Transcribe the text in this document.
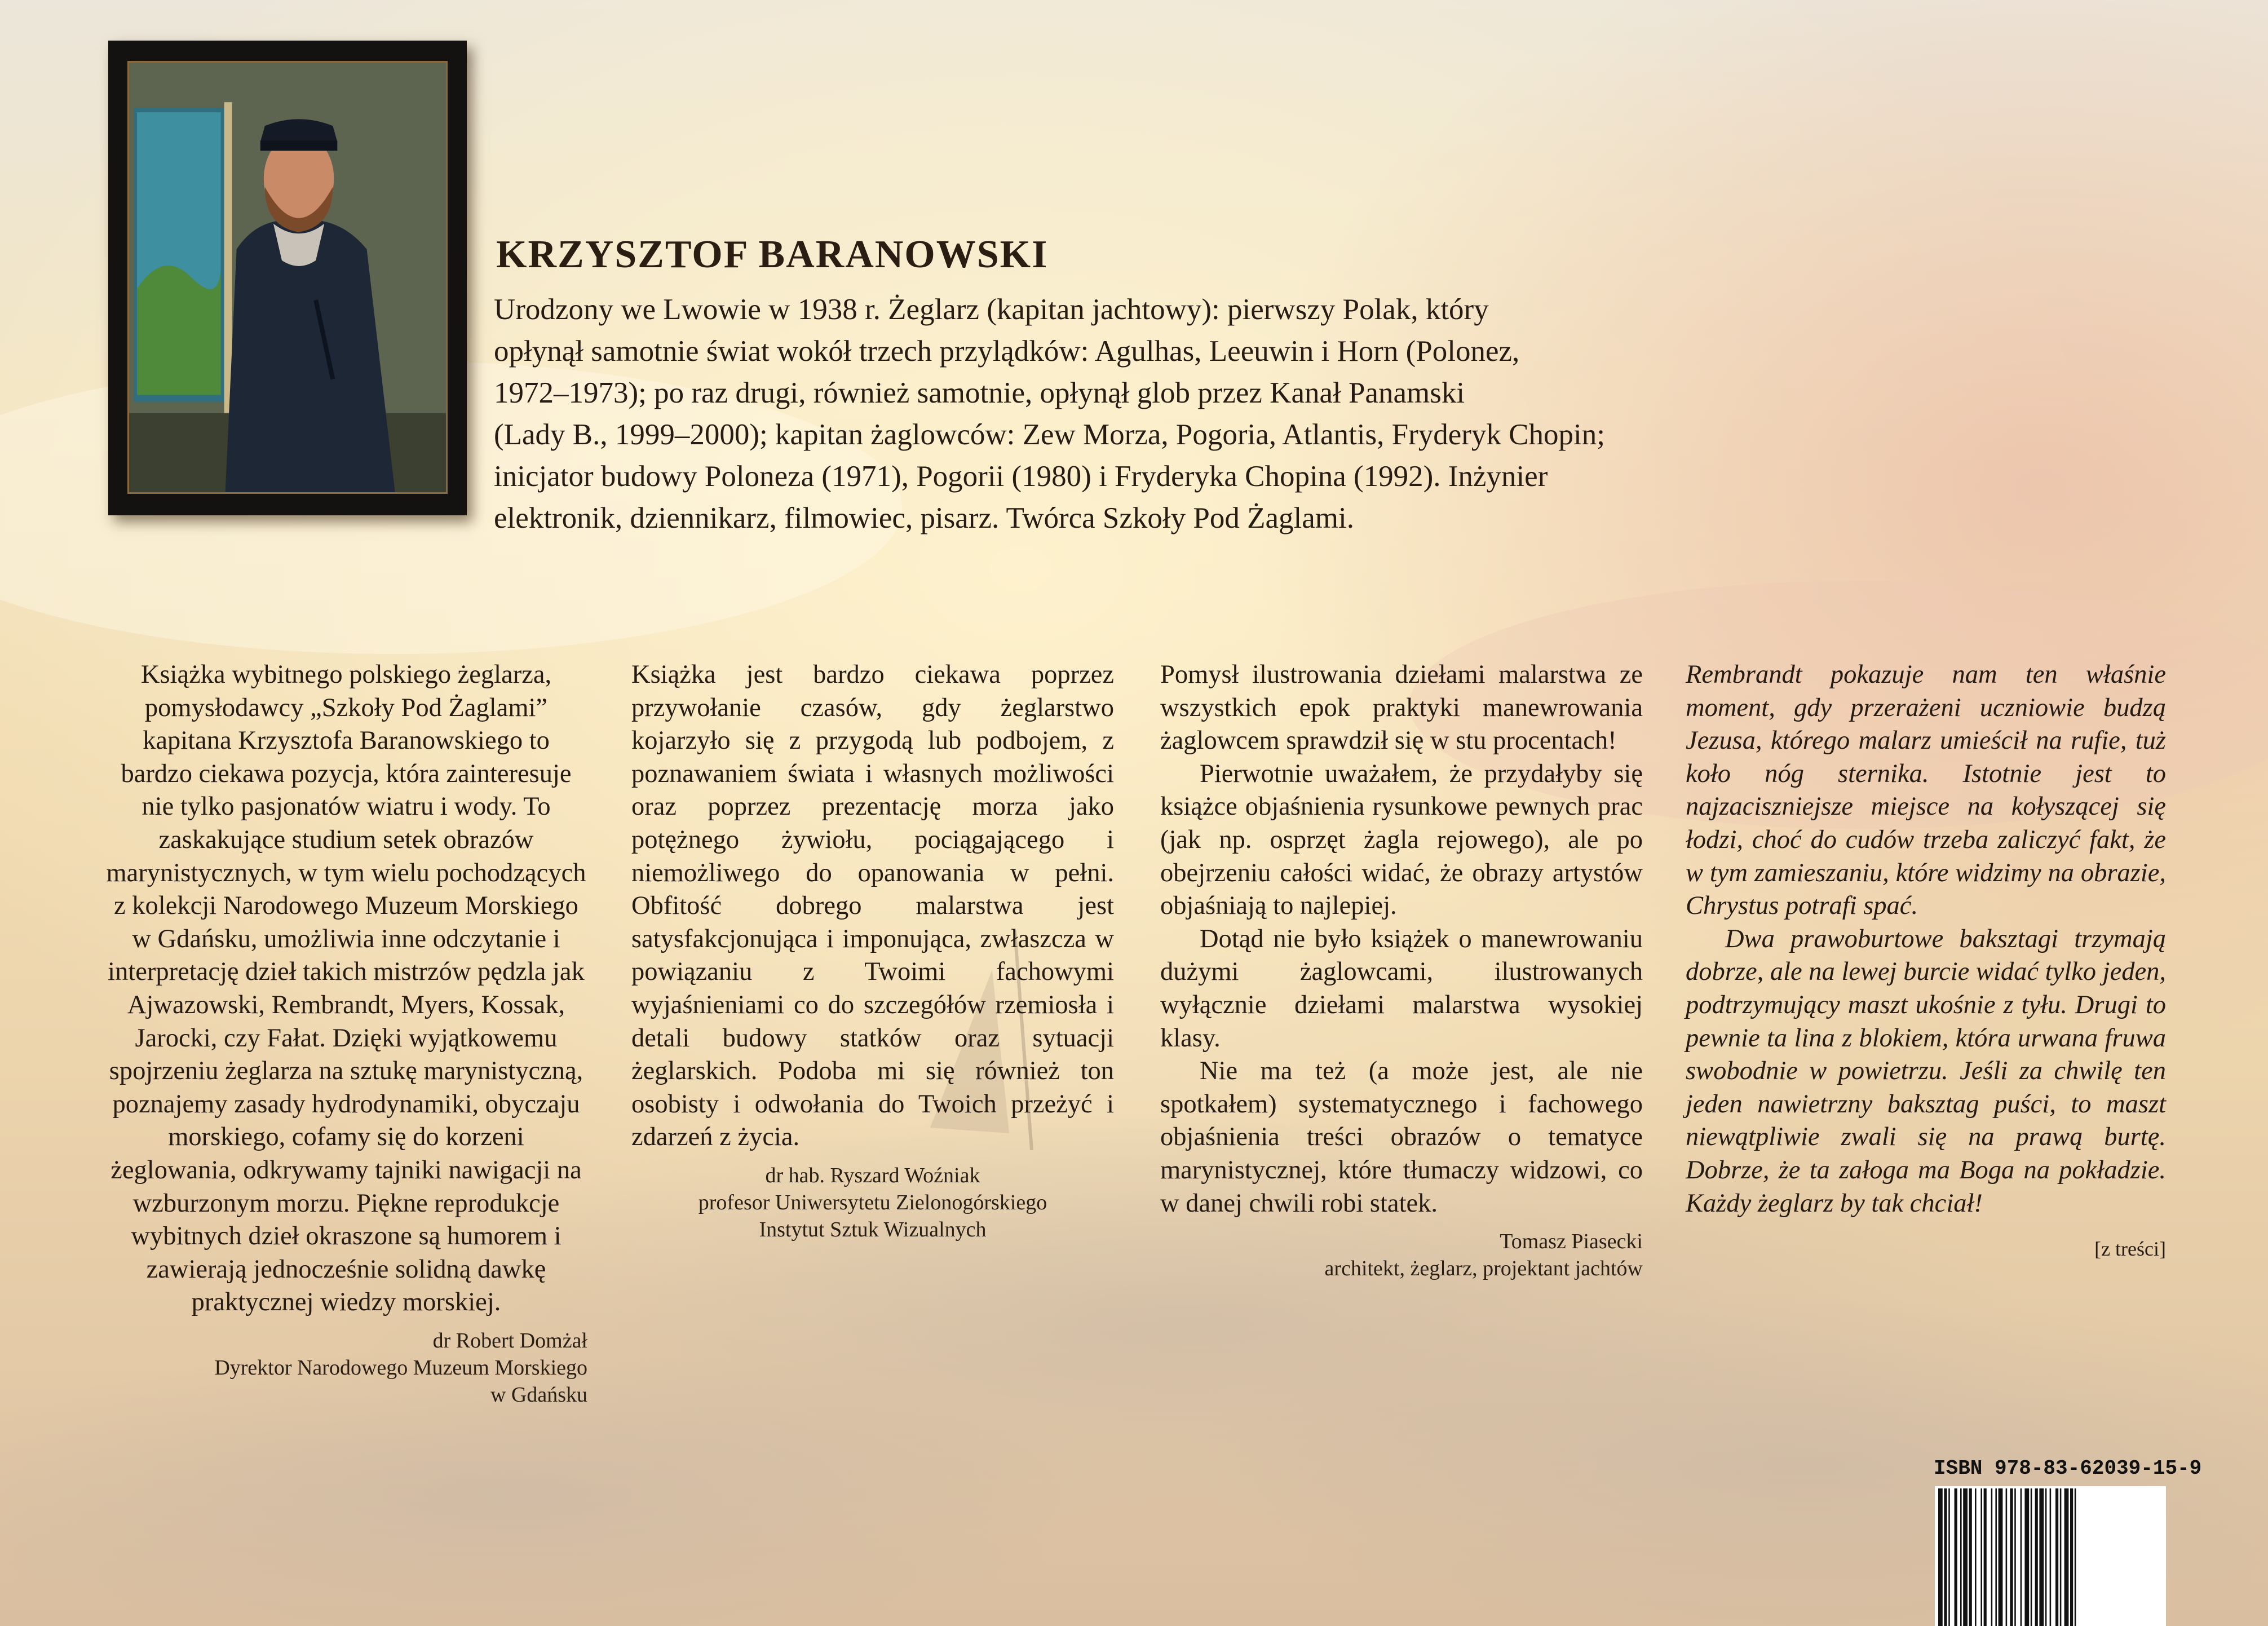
KRZYSZTOF BARANOWSKI
Urodzony we Lwowie w 1938 r. Żeglarz (kapitan jachtowy): pierwszy Polak, który
opłynął samotnie świat wokół trzech przylądków: Agulhas, Leeuwin i Horn (Polonez,
1972–1973); po raz drugi, również samotnie, opłynął glob przez Kanał Panamski
(Lady B., 1999–2000); kapitan żaglowców: Zew Morza, Pogoria, Atlantis, Fryderyk Chopin;
inicjator budowy Poloneza (1971), Pogorii (1980) i Fryderyka Chopina (1992). Inżynier
elektronik, dziennikarz, filmowiec, pisarz. Twórca Szkoły Pod Żaglami.

Książka wybitnego polskiego żeglarza, pomysłodawcy „Szkoły Pod Żaglami” kapitana Krzysztofa Baranowskiego to bardzo ciekawa pozycja, która zainteresuje nie tylko pasjonatów wiatru i wody. To zaskakujące studium setek obrazów marynistycznych, w tym wielu pochodzących z kolekcji Narodowego Muzeum Morskiego w Gdańsku, umożliwia inne odczytanie i interpretację dzieł takich mistrzów pędzla jak Ajwazowski, Rembrandt, Myers, Kossak, Jarocki, czy Fałat. Dzięki wyjątkowemu spojrzeniu żeglarza na sztukę marynistyczną, poznajemy zasady hydrodynamiki, obyczaju morskiego, cofamy się do korzeni żeglowania, odkrywamy tajniki nawigacji na wzburzonym morzu. Piękne reprodukcje wybitnych dzieł okraszone są humorem i zawierają jednocześnie solidną dawkę praktycznej wiedzy morskiej.

dr Robert Domżał
Dyrektor Narodowego Muzeum Morskiego
w Gdańsku

Książka jest bardzo ciekawa poprzez przywołanie czasów, gdy żeglarstwo kojarzyło się z przygodą lub podbojem, z poznawaniem świata i własnych możliwości oraz poprzez prezentację morza jako potężnego żywiołu, pociągającego i niemożliwego do opanowania w pełni. Obfitość dobrego malarstwa jest satysfakcjonująca i imponująca, zwłaszcza w powiązaniu z Twoimi fachowymi wyjaśnieniami co do szczegółów rzemiosła i detali budowy statków oraz sytuacji żeglarskich. Podoba mi się również ton osobisty i odwołania do Twoich przeżyć i zdarzeń z życia.

dr hab. Ryszard Woźniak
profesor Uniwersytetu Zielonogórskiego
Instytut Sztuk Wizualnych

Pomysł ilustrowania dziełami malarstwa ze wszystkich epok praktyki manewrowania żaglowcem sprawdził się w stu procentach!

Pierwotnie uważałem, że przydałyby się książce objaśnienia rysunkowe pewnych prac (jak np. osprzęt żagla rejowego), ale po obejrzeniu całości widać, że obrazy artystów objaśniają to najlepiej.

Dotąd nie było książek o manewrowaniu dużymi żaglowcami, ilustrowanych wyłącznie dziełami malarstwa wysokiej klasy.

Nie ma też (a może jest, ale nie spotkałem) systematycznego i fachowego objaśnienia treści obrazów o tematyce marynistycznej, które tłumaczy widzowi, co w danej chwili robi statek.

Tomasz Piasecki
architekt, żeglarz, projektant jachtów

Rembrandt pokazuje nam ten właśnie moment, gdy przerażeni uczniowie budzą Jezusa, którego malarz umieścił na rufie, tuż koło nóg sternika. Istotnie jest to najzaciszniejsze miejsce na kołyszącej się łodzi, choć do cudów trzeba zaliczyć fakt, że w tym zamieszaniu, które widzimy na obrazie, Chrystus potrafi spać.

Dwa prawoburtowe baksztagi trzymają dobrze, ale na lewej burcie widać tylko jeden, podtrzymujący maszt ukośnie z tyłu. Drugi to pewnie ta lina z blokiem, która urwana fruwa swobodnie w powietrzu. Jeśli za chwilę ten jeden nawietrzny baksztag puści, to maszt niewątpliwie zwali się na prawą burtę. Dobrze, że ta załoga ma Boga na pokładzie. Każdy żeglarz by tak chciał!

[z treści]
ISBN 978-83-62039-15-9
